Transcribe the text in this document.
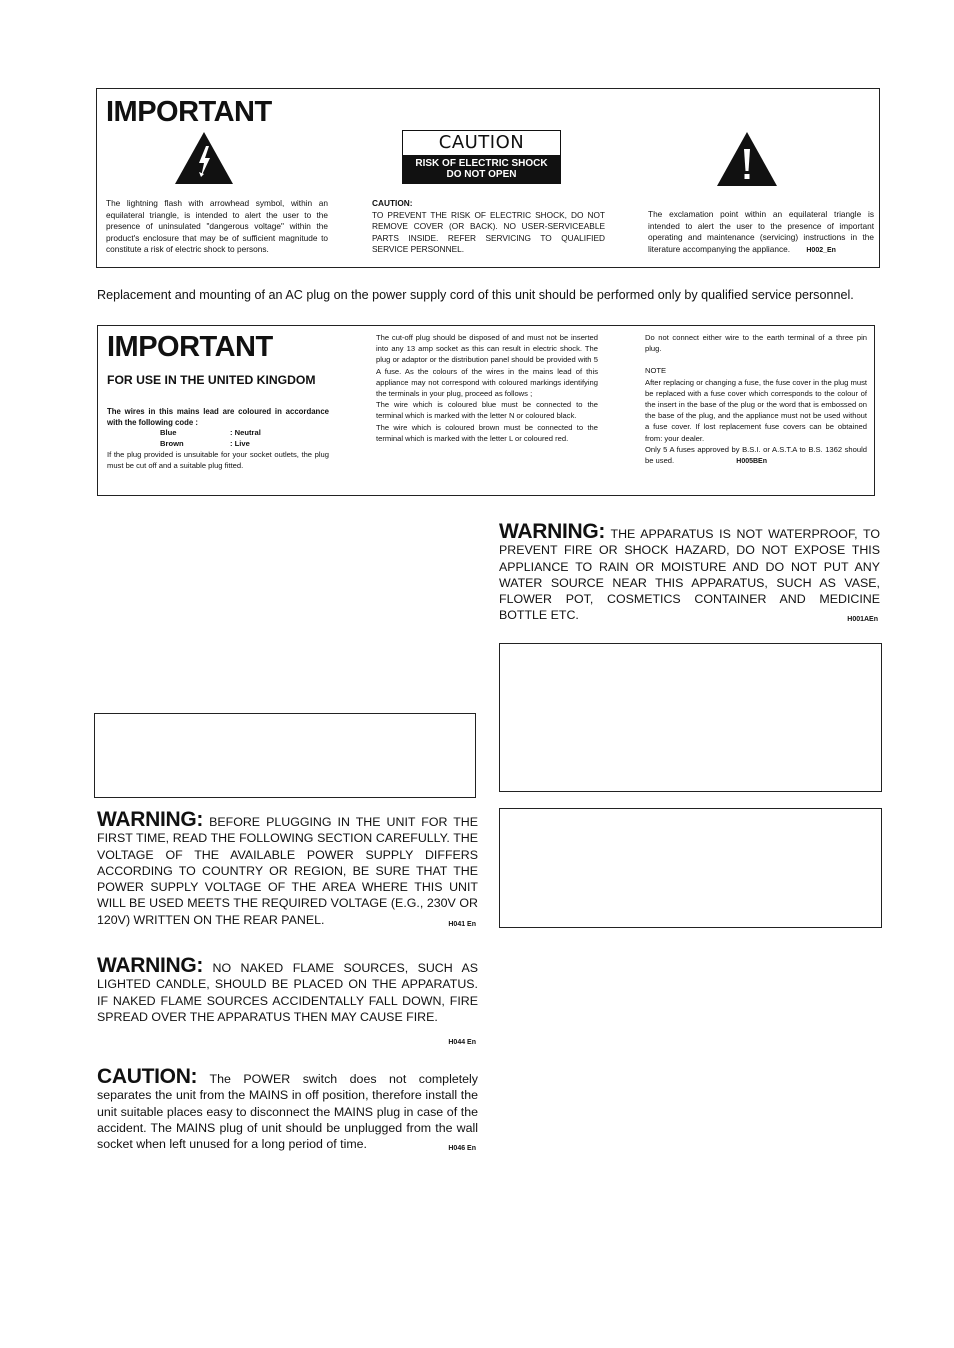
IMPORTANT
CAUTION
RISK OF ELECTRIC SHOCK
DO NOT OPEN
The lightning flash with arrowhead symbol, within an equilateral triangle, is intended to alert the user to the presence of uninsulated "dangerous voltage" within the product's enclosure that may be of sufficient magnitude to constitute a risk of electric shock to persons.
CAUTION:
TO PREVENT THE RISK OF ELECTRIC SHOCK, DO NOT REMOVE COVER (OR BACK). NO USER-SERVICEABLE PARTS INSIDE. REFER SERVICING TO QUALIFIED SERVICE PERSONNEL.
The exclamation point within an equilateral triangle is intended to alert the user to the presence of important operating and maintenance (servicing) instructions in the literature accompanying the appliance. H002_En
Replacement and mounting of an AC plug on the power supply cord of this unit should be performed only by qualified service personnel.
IMPORTANT
FOR USE IN THE UNITED KINGDOM
The wires in this mains lead are coloured in accordance with the following code :
Blue	: Neutral
Brown	: Live
If the plug provided is unsuitable for your socket outlets, the plug must be cut off and a suitable plug fitted.
The cut-off plug should be disposed of and must not be inserted into any 13 amp socket as this can result in electric shock. The plug or adaptor or the distribution panel should be provided with 5 A fuse. As the colours of the wires in the mains lead of this appliance may not correspond with coloured markings identifying the terminals in your plug, proceed as follows ;
The wire which is coloured blue must be connected to the terminal which is marked with the letter N or coloured black.
The wire which is coloured brown must be connected to the terminal which is marked with the letter L or coloured red.
Do not connect either wire to the earth terminal of a three pin plug.
NOTE
After replacing or changing a fuse, the fuse cover in the plug must be replaced with a fuse cover which corresponds to the colour of the insert in the base of the plug or the word that is embossed on the base of the plug, and the appliance must not be used without a fuse cover. If lost replacement fuse covers can be obtained from: your dealer.
Only 5 A fuses approved by B.S.I. or A.S.T.A to B.S. 1362 should be used.	H005BEn
WARNING: THE APPARATUS IS NOT WATERPROOF, TO PREVENT FIRE OR SHOCK HAZARD, DO NOT EXPOSE THIS APPLIANCE TO RAIN OR MOISTURE AND DO NOT PUT ANY WATER SOURCE NEAR THIS APPARATUS, SUCH AS VASE, FLOWER POT, COSMETICS CONTAINER AND MEDICINE BOTTLE ETC.	H001AEn
WARNING: BEFORE PLUGGING IN THE UNIT FOR THE FIRST TIME, READ THE FOLLOWING SECTION CAREFULLY. THE VOLTAGE OF THE AVAILABLE POWER SUPPLY DIFFERS ACCORDING TO COUNTRY OR REGION, BE SURE THAT THE POWER SUPPLY VOLTAGE OF THE AREA WHERE THIS UNIT WILL BE USED MEETS THE REQUIRED VOLTAGE (E.G., 230V OR 120V) WRITTEN ON THE REAR PANEL.	H041 En
WARNING: NO NAKED FLAME SOURCES, SUCH AS LIGHTED CANDLE, SHOULD BE PLACED ON THE APPARATUS. IF NAKED FLAME SOURCES ACCIDENTALLY FALL DOWN, FIRE SPREAD OVER THE APPARATUS THEN MAY CAUSE FIRE.
H044 En
CAUTION: The POWER switch does not completely separates the unit from the MAINS in off position, therefore install the unit suitable places easy to disconnect the MAINS plug in case of the accident. The MAINS plug of unit should be unplugged from the wall socket when left unused for a long period of time.	H046 En
